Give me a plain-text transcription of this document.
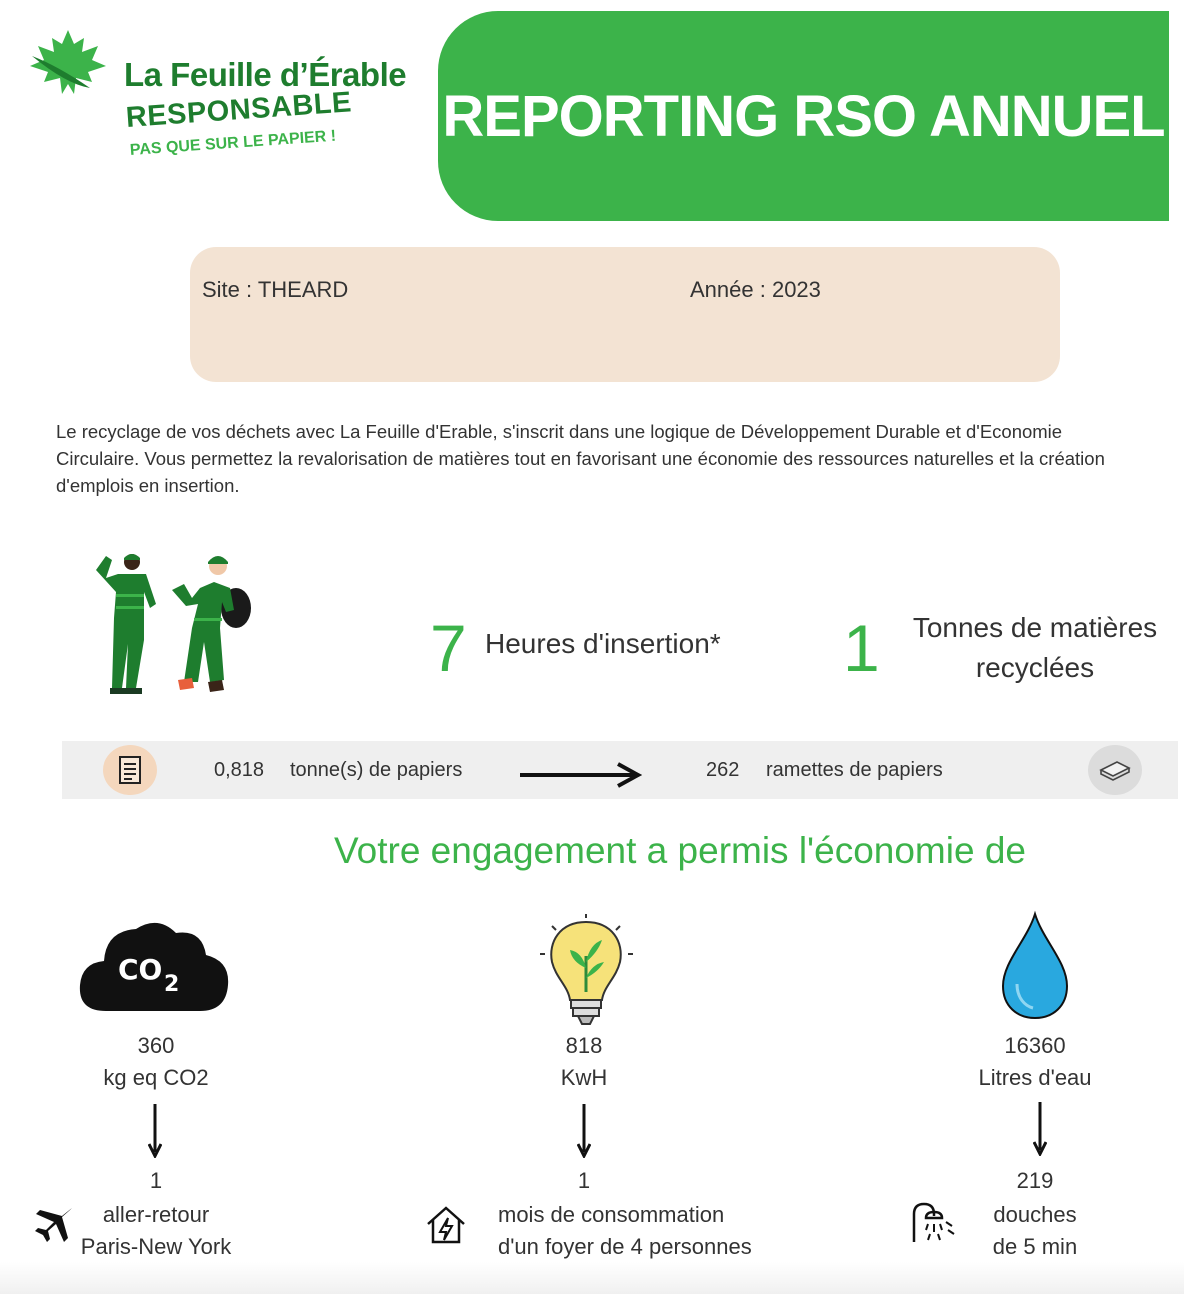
La Feuille d’Érable
RESPONSABLE
PAS QUE SUR LE PAPIER ! REPORTING RSO ANNUEL
Site : THEARD	Année : 2023
Le recyclage de vos déchets avec La Feuille d'Erable, s'inscrit dans une logique de Développement Durable et d'Economie Circulaire. Vous permettez la revalorisation de matières tout en favorisant une économie des ressources naturelles et la création d'emplois en insertion.
7 Heures d'insertion* 1 Tonnes de matières
recyclées
0,818 tonne(s) de papiers	262 ramettes de papiers
Votre engagement a permis l'économie de
CO 2
360
kg eq CO2
1
aller-retour
Paris-New York
818
KwH
1
mois de consommation
d'un foyer de 4 personnes
16360
Litres d'eau
219
douches
de 5 min
